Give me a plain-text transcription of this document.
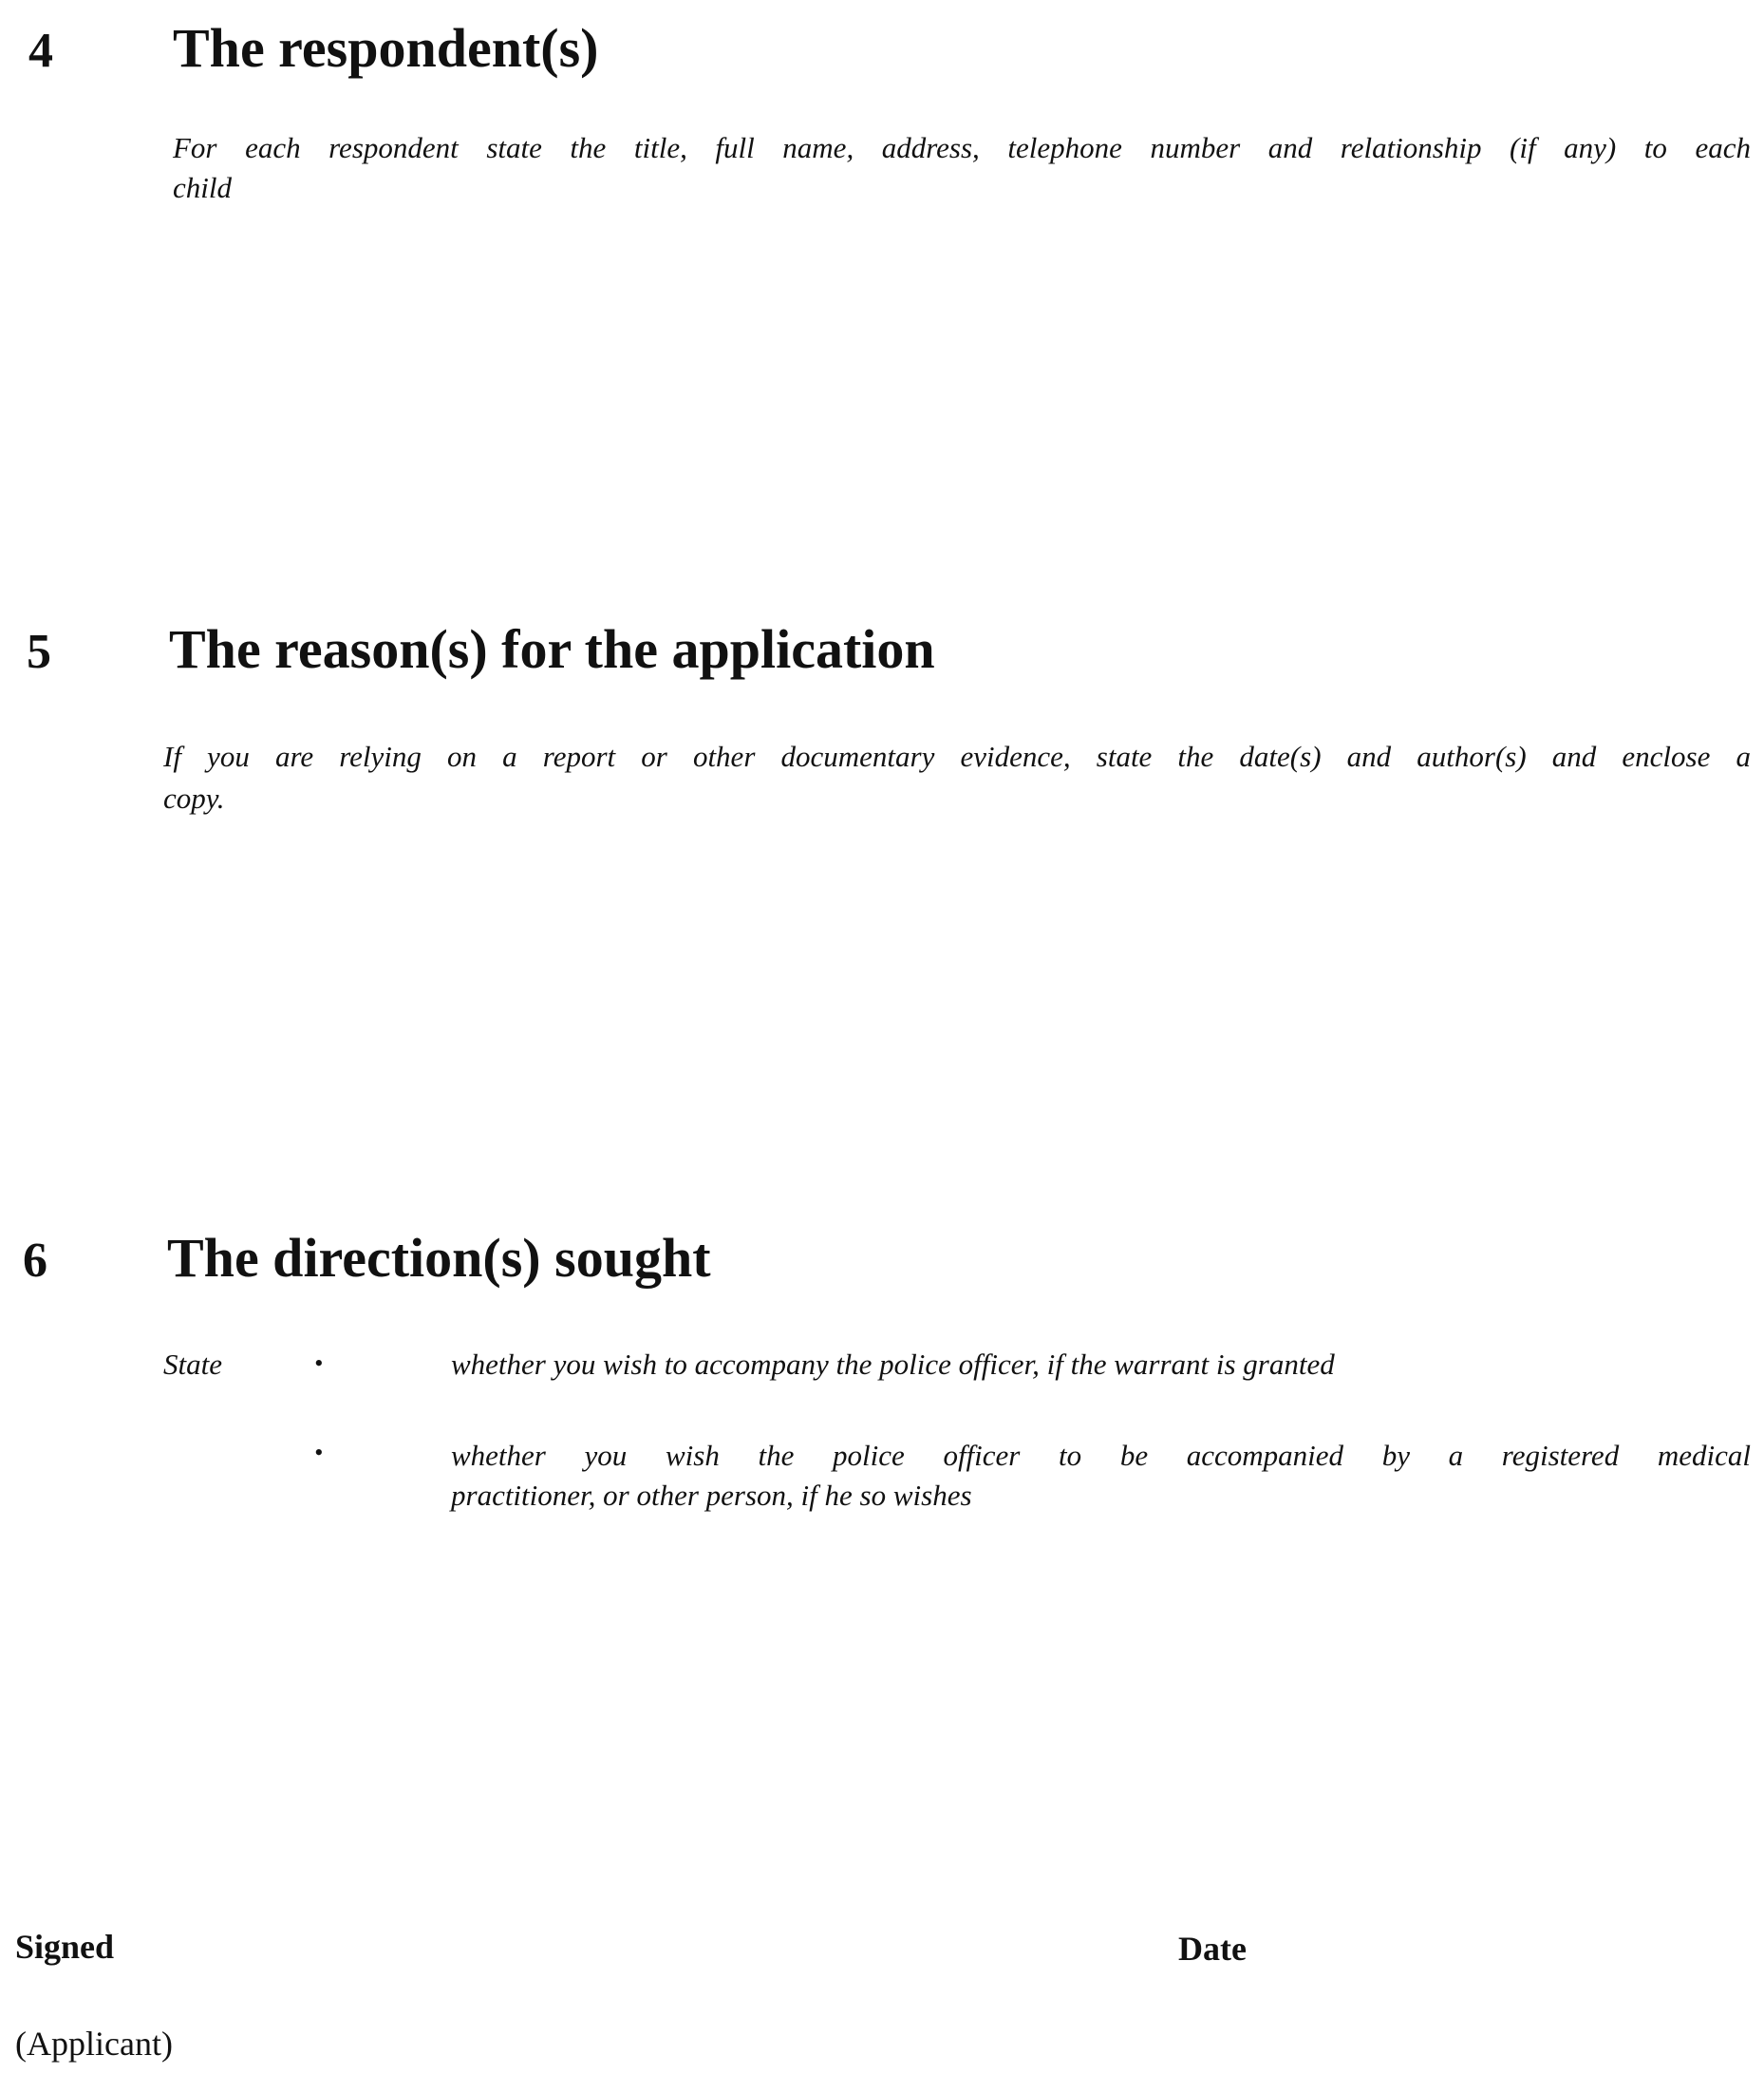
4 The respondent(s)
For each respondent state the title, full name, address, telephone number and relationship (if any) to each
child
5 The reason(s) for the application
If you are relying on a report or other documentary evidence, state the date(s) and author(s) and enclose a
copy.
6 The direction(s) sought
State	•	whether you wish to accompany the police officer, if the warrant is granted
•	whether you wish the police officer to be accompanied by a registered medical
practitioner, or other person, if he so wishes
Signed	Date
(Applicant)
